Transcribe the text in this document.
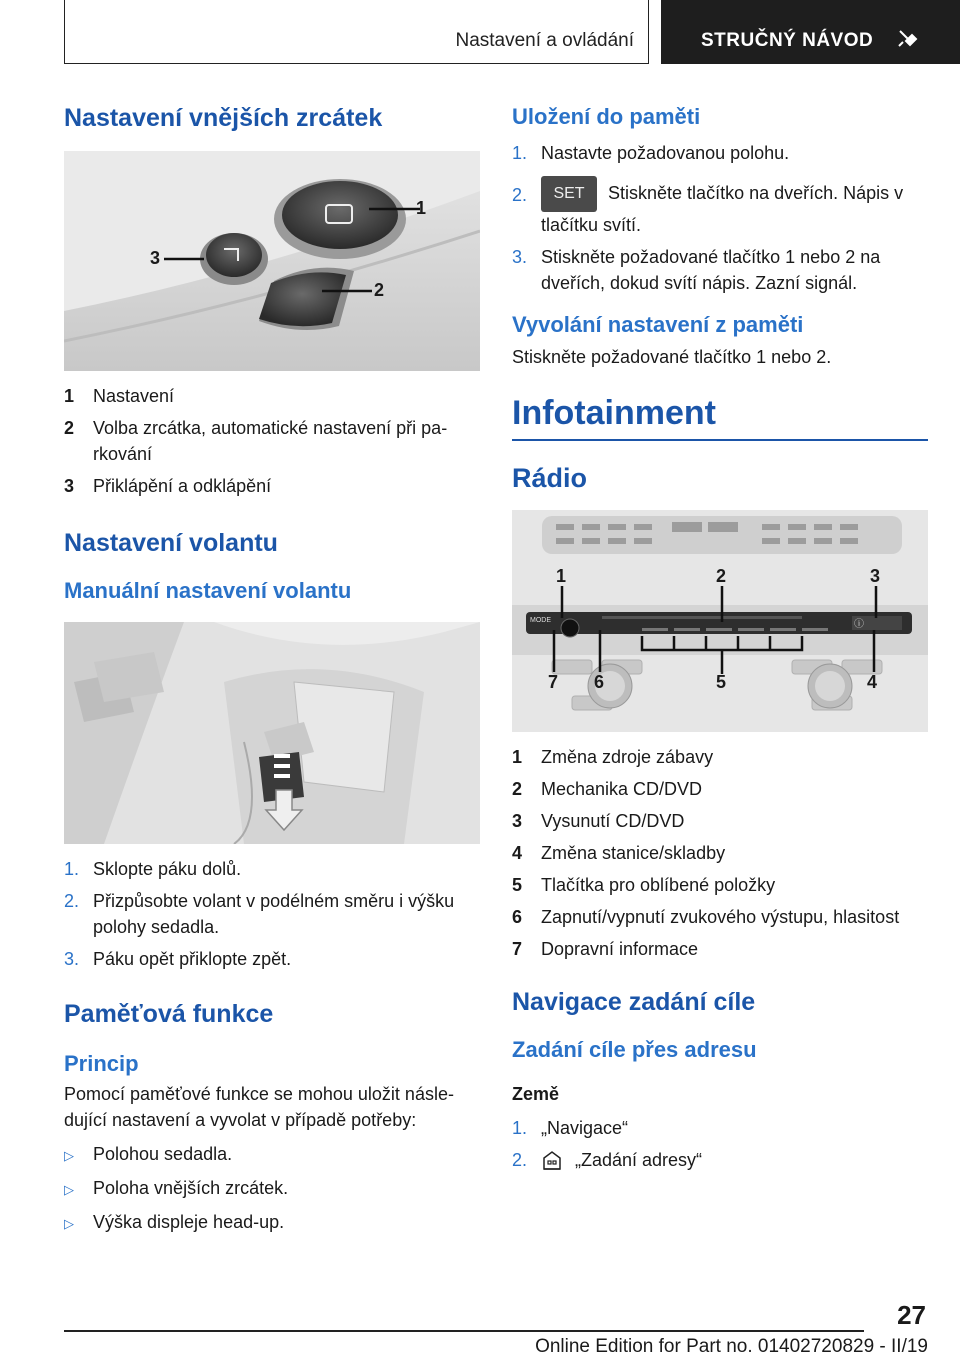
Nastavení a ovládání	STRUČNÝ NÁVOD
Nastavení vnějších zrcátek
1
2
3
1	Nastavení
2	Volba zrcátka, automatické nastavení při pa‐rkování
3	Přiklápění a odklápění
Nastavení volantu
Manuální nastavení volantu
1. Sklopte páku dolů.
2. Přizpůsobte volant v podélném směru i výšku polohy sedadla.
3. Páku opět přiklopte zpět.
Paměťová funkce
Princip

Pomocí paměťové funkce se mohou uložit násle‐dující nastavení a vyvolat v případě potřeby:

▷	Polohou sedadla.
▷	Poloha vnějších zrcátek.
▷	Výška displeje head-up.
Uložení do paměti
1. Nastavte požadovanou polohu.
2.	SET Stiskněte tlačítko na dveřích. Nápis v tlačítku svítí.
3. Stiskněte požadované tlačítko 1 nebo 2 na dveřích, dokud svítí nápis. Zazní signál.
Vyvolání nastavení z paměti

Stiskněte požadované tlačítko 1 nebo 2.

Infotainment
Rádio
MODE	ⓘ
1	2	3
4
5
6
7
1	Změna zdroje zábavy
2	Mechanika CD/DVD
3	Vysunutí CD/DVD
4	Změna stanice/skladby
5	Tlačítka pro oblíbené položky
6	Zapnutí/vypnutí zvukového výstupu, hlasitost
7	Dopravní informace
Navigace zadání cíle
Zadání cíle přes adresu

Země

1. „Navigace“
2.	„Zadání adresy“
27
Online Edition for Part no. 01402720829 - II/19
